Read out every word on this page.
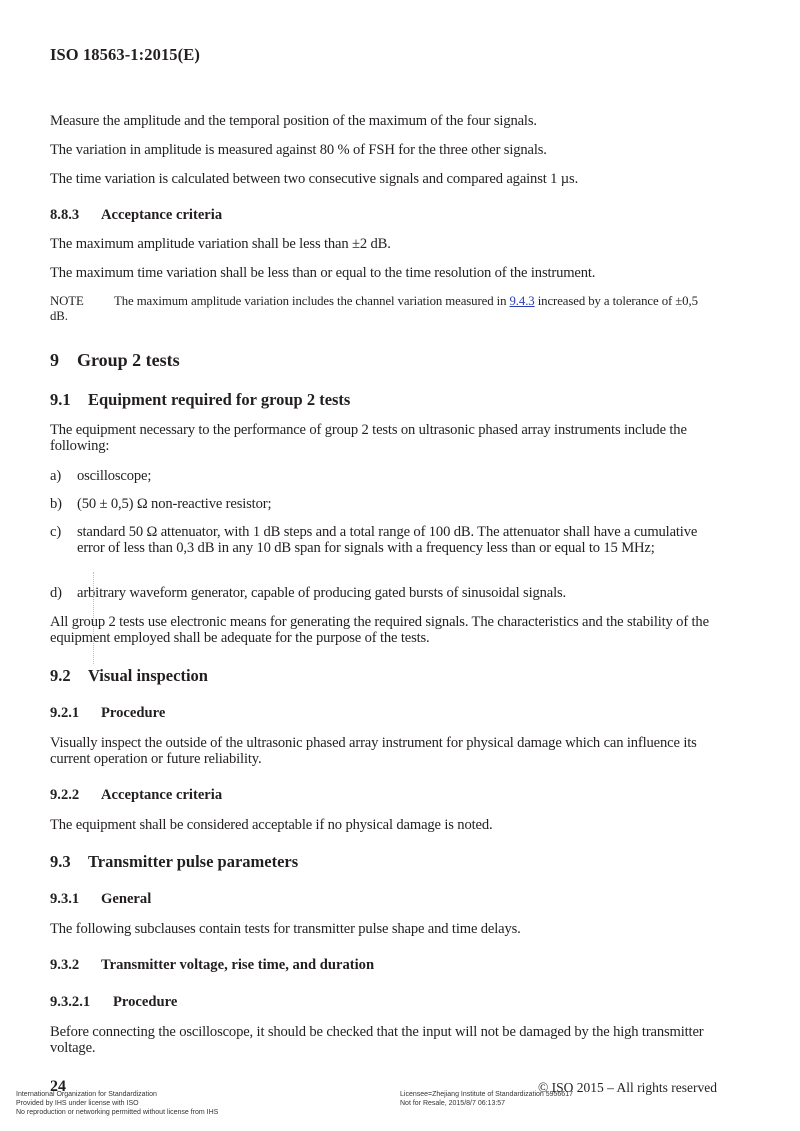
ISO 18563-1:2015(E)
Measure the amplitude and the temporal position of the maximum of the four signals.
The variation in amplitude is measured against 80 % of FSH for the three other signals.
The time variation is calculated between two consecutive signals and compared against 1 µs.
8.8.3 Acceptance criteria
The maximum amplitude variation shall be less than ±2 dB.
The maximum time variation shall be less than or equal to the time resolution of the instrument.
NOTE The maximum amplitude variation includes the channel variation measured in 9.4.3 increased by a tolerance of ±0,5 dB.
9 Group 2 tests
9.1 Equipment required for group 2 tests
The equipment necessary to the performance of group 2 tests on ultrasonic phased array instruments include the following:
a) oscilloscope;
b) (50 ± 0,5) Ω non-reactive resistor;
c) standard 50 Ω attenuator, with 1 dB steps and a total range of 100 dB. The attenuator shall have a cumulative error of less than 0,3 dB in any 10 dB span for signals with a frequency less than or equal to 15 MHz;
d) arbitrary waveform generator, capable of producing gated bursts of sinusoidal signals.
All group 2 tests use electronic means for generating the required signals. The characteristics and the stability of the equipment employed shall be adequate for the purpose of the tests.
9.2 Visual inspection
9.2.1 Procedure
Visually inspect the outside of the ultrasonic phased array instrument for physical damage which can influence its current operation or future reliability.
9.2.2 Acceptance criteria
The equipment shall be considered acceptable if no physical damage is noted.
9.3 Transmitter pulse parameters
9.3.1 General
The following subclauses contain tests for transmitter pulse shape and time delays.
9.3.2 Transmitter voltage, rise time, and duration
9.3.2.1 Procedure
Before connecting the oscilloscope, it should be checked that the input will not be damaged by the high transmitter voltage.
24	© ISO 2015 – All rights reserved
International Organization for Standardization
Provided by IHS under license with ISO
No reproduction or networking permitted without license from IHS
Licensee=Zhejiang Institute of Standardization 5956617
Not for Resale, 2015/8/7 06:13:57
